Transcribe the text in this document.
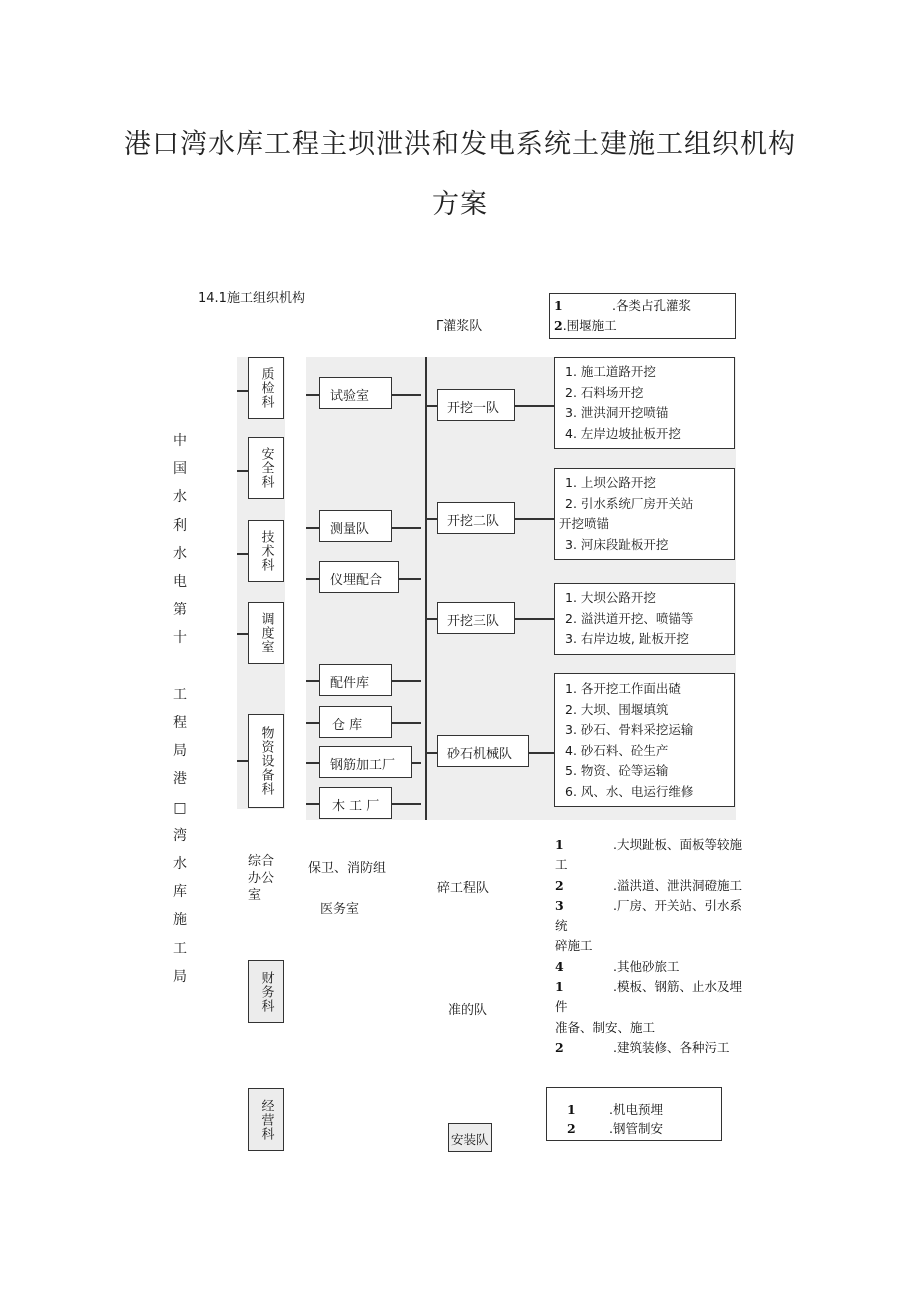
港口湾水库工程主坝泄洪和发电系统土建施工组织机构
方案
14.1施工组织机构
中
国
水
利
水
电
第
十

工
程
局
港
□
湾
水
库
施
工
局
Γ灌浆队
1	.各类占孔灌浆
2.围堰施工
质检科
安全科
技术科
调度室
物资设备科
试验室
测量队
仪埋配合
配件库
仓 库
钢筋加工厂
木 工 厂
开挖一队
开挖二队
开挖三队
砂石机械队
1. 施工道路开挖
2. 石料场开挖
3. 泄洪洞开挖喷锚
4. 左岸边坡扯板开挖
1. 上坝公路开挖
2. 引水系统厂房开关站
开挖喷锚
3. 河床段趾板开挖
1. 大坝公路开挖
2. 溢洪道开挖、喷锚等
3. 右岸边坡, 趾板开挖
1. 各开挖工作面出碴
2. 大坝、围堰填筑
3. 砂石、骨料采挖运输
4. 砂石料、砼生产
5. 物资、砼等运输
6. 风、水、电运行维修
综合办公室
保卫、消防组
医务室
碎工程队
准的队
1	.大坝趾板、面板等较施
工
2	.溢洪道、泄洪洞磴施工
3	.厂房、开关站、引水系
统
碎施工
4	.其他砂旅工
1	.模板、钢筋、止水及埋
件
准备、制安、施工
2	.建筑装修、各种污工
财务科
经营科	安装队
1	.机电预埋
2	.钢管制安
